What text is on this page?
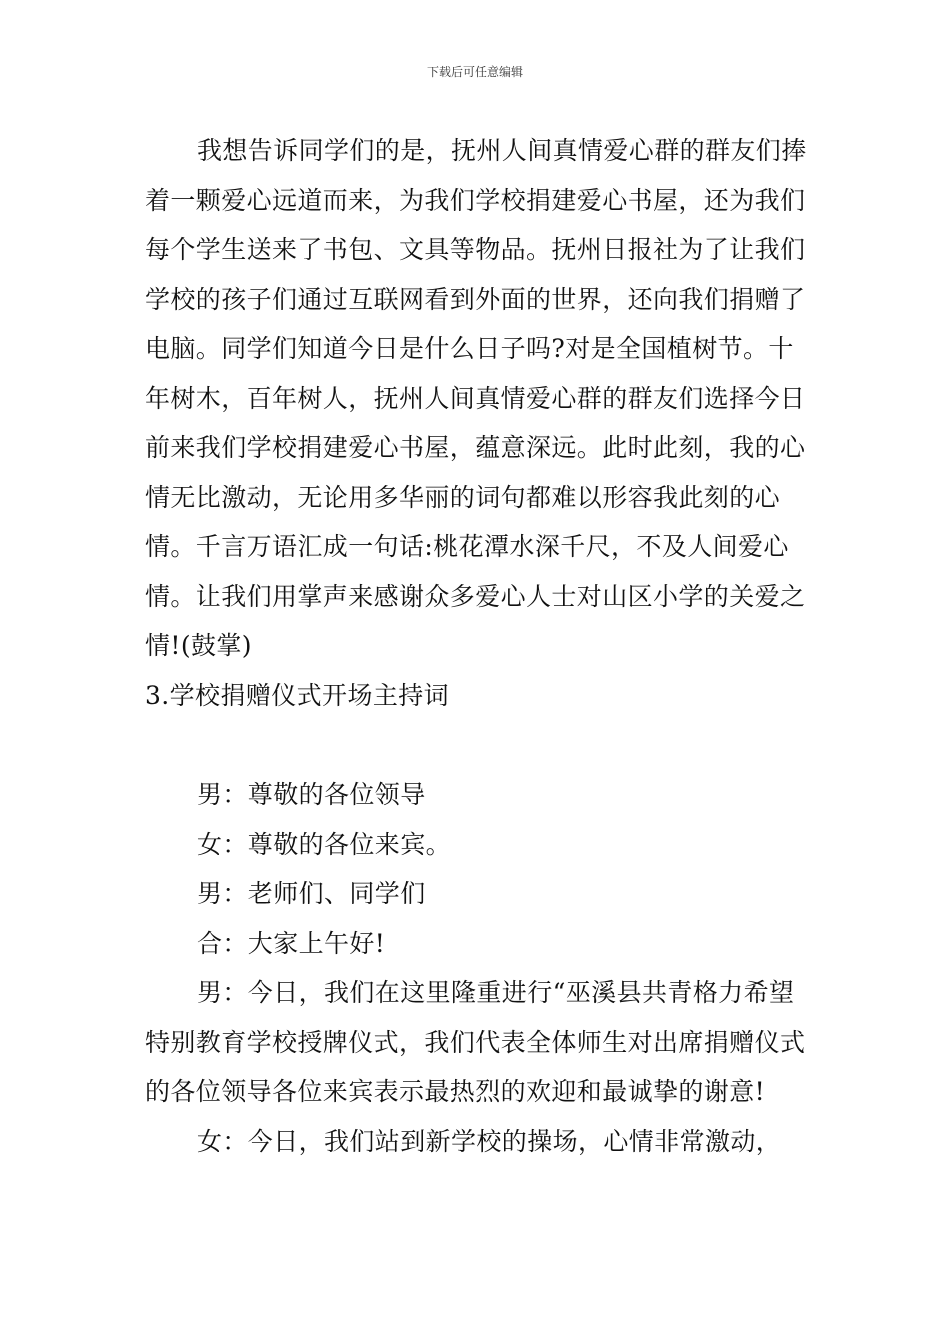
下载后可任意编辑

我想告诉同学们的是，抚州人间真情爱心群的群友们捧着一颗爱心远道而来，为我们学校捐建爱心书屋，还为我们每个学生送来了书包、文具等物品。抚州日报社为了让我们学校的孩子们通过互联网看到外面的世界，还向我们捐赠了电脑。同学们知道今日是什么日子吗?对是全国植树节。十年树木，百年树人，抚州人间真情爱心群的群友们选择今日前来我们学校捐建爱心书屋，蕴意深远。此时此刻，我的心情无比激动，无论用多华丽的词句都难以形容我此刻的心情。千言万语汇成一句话:桃花潭水深千尺，不及人间爱心情。让我们用掌声来感谢众多爱心人士对山区小学的关爱之情!(鼓掌)

3.学校捐赠仪式开场主持词

男：尊敬的各位领导

女：尊敬的各位来宾。

男：老师们、同学们

合：大家上午好!

男：今日，我们在这里隆重进行“巫溪县共青格力希望特别教育学校授牌仪式，我们代表全体师生对出席捐赠仪式的各位领导各位来宾表示最热烈的欢迎和最诚挚的谢意!

女：今日，我们站到新学校的操场，心情非常激动，
